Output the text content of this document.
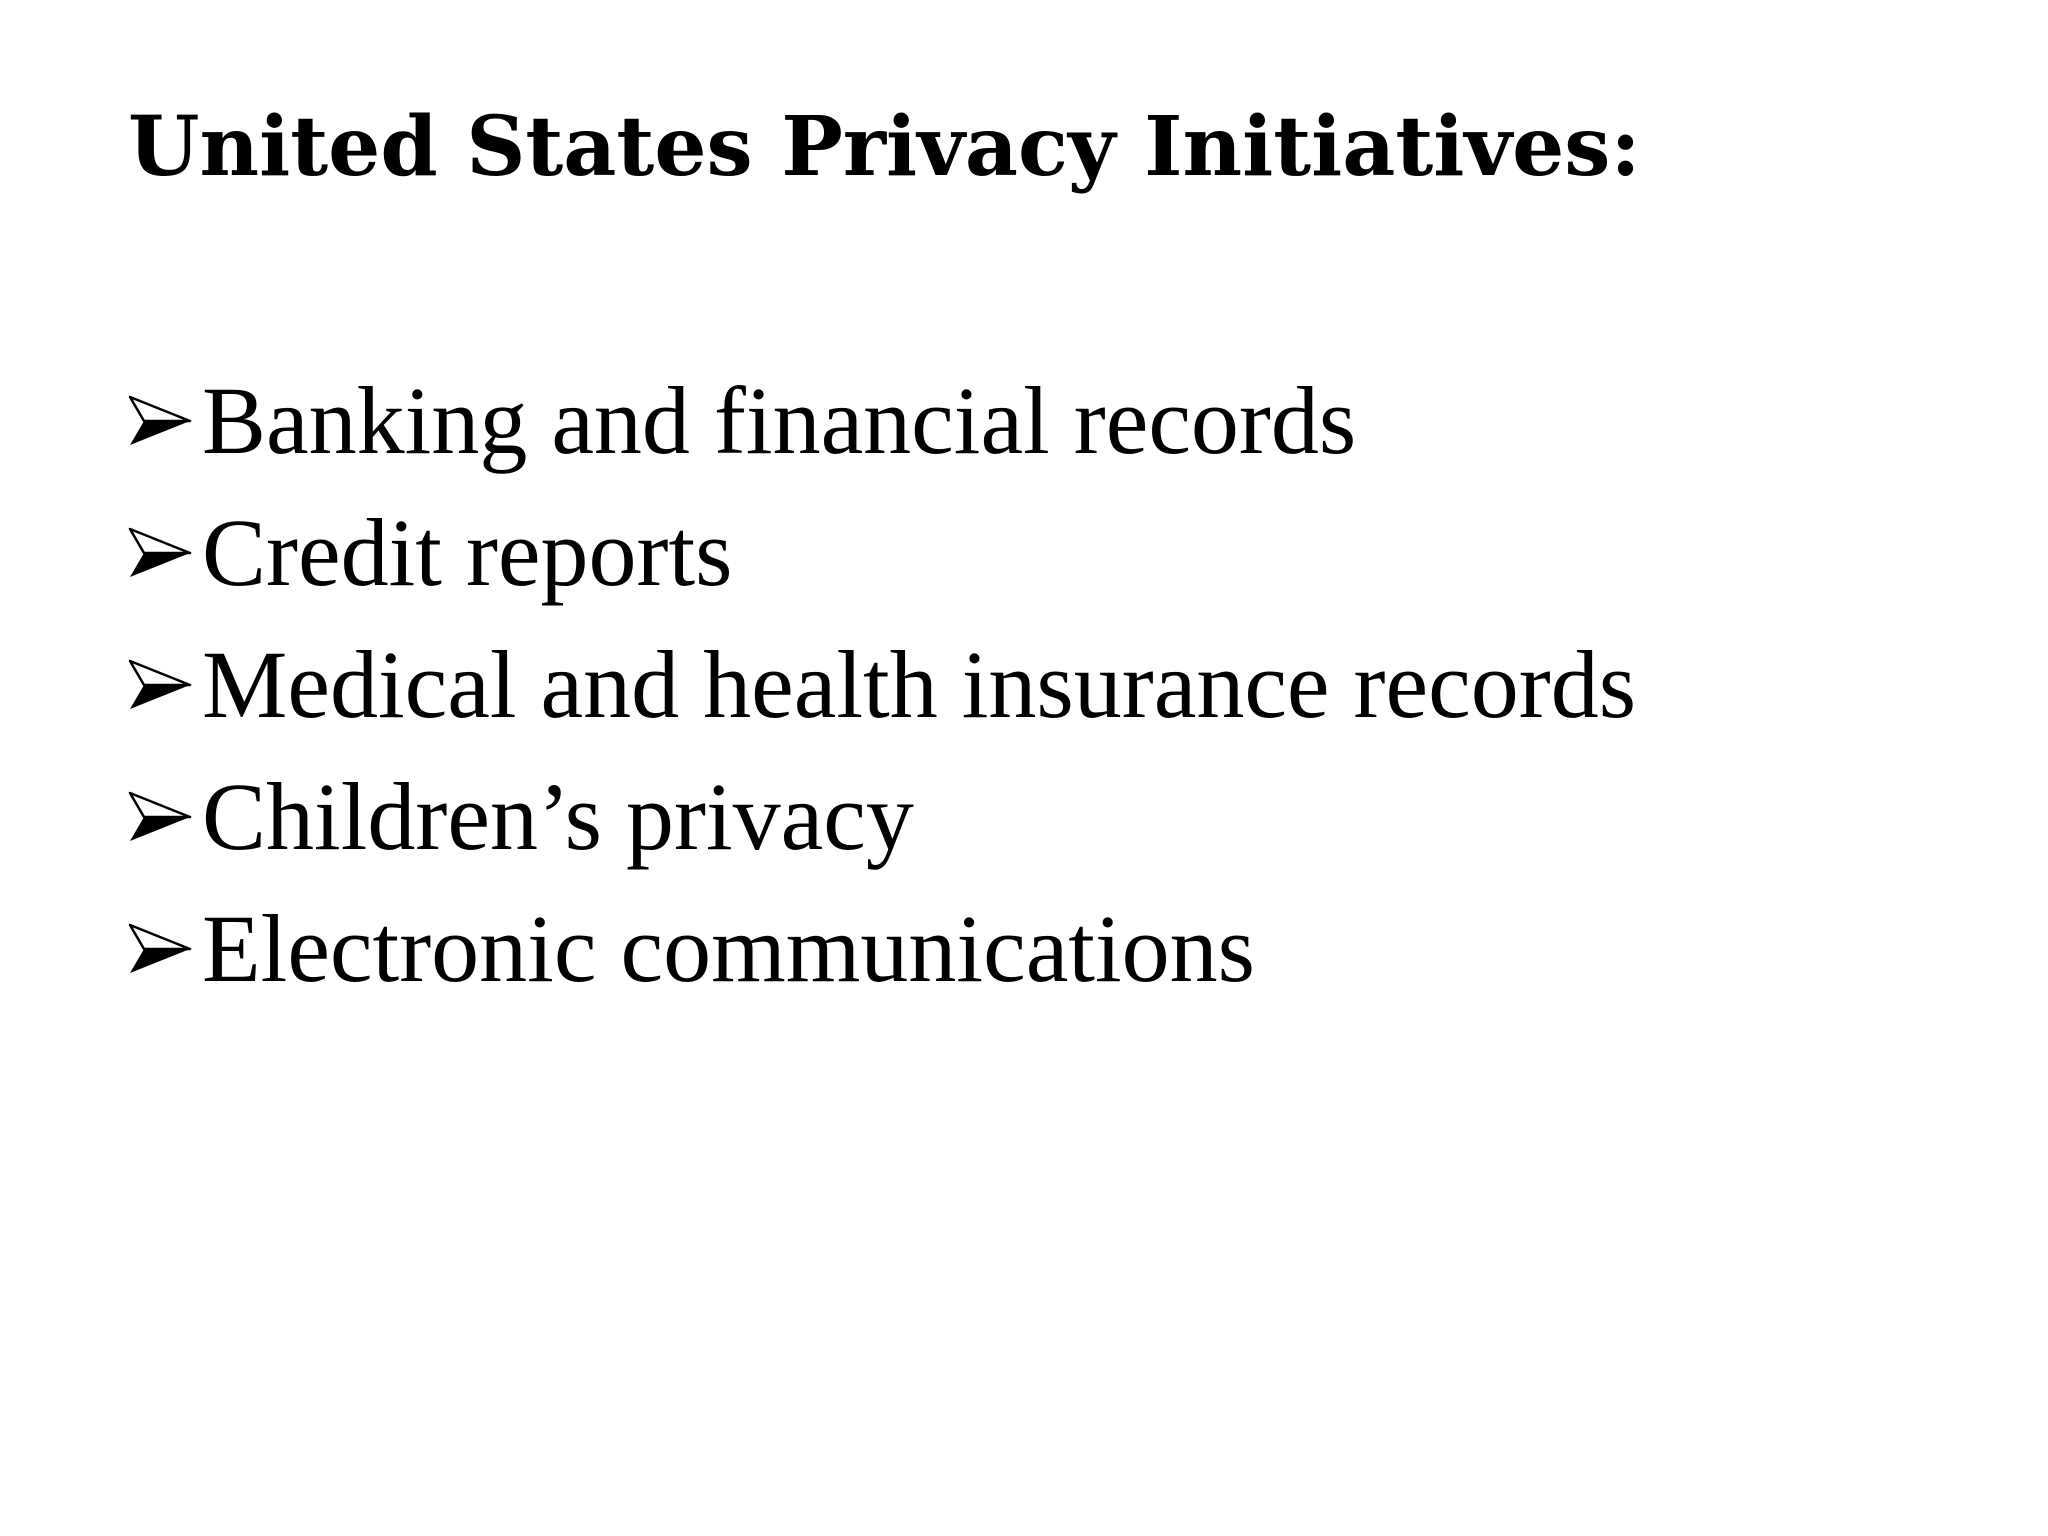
United States Privacy Initiatives:
Banking and financial records
Credit reports
Medical and health insurance records
Children’s privacy
Electronic communications
